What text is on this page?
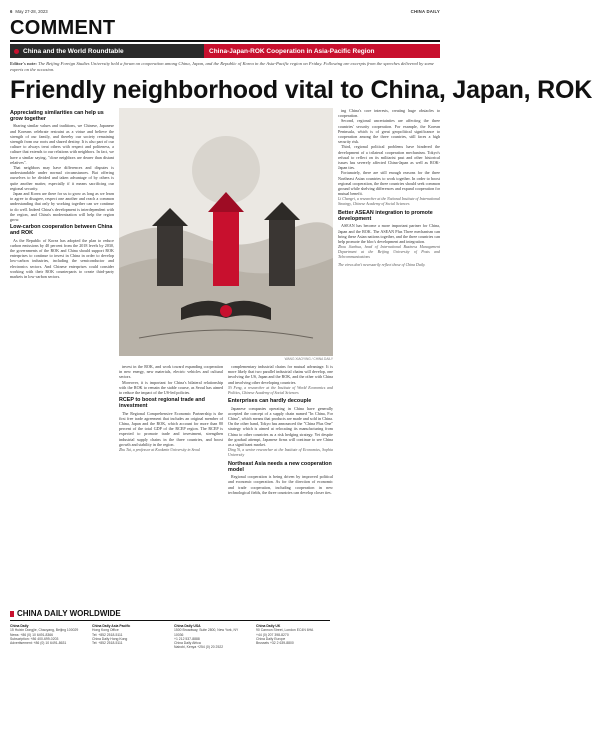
6 May 27-28, 2023	CHINA DAILY
COMMENT
China and the World Roundtable	China-Japan-ROK Cooperation in Asia-Pacific Region
Editor's note: The Beijing Foreign Studies University held a forum on cooperation among China, Japan, and the Republic of Korea in the Asia-Pacific region on Friday. Following are excerpts from the speeches delivered by some experts on the occasion.
Friendly neighborhood vital to China, Japan, ROK
Appreciating similarities can help us grow together

Sharing similar values and traditions, we Chinese, Japanese and Koreans celebrate restraint as a virtue and believe the strength of our family, and thereby our society remaining strength from our roots and shared destiny. It is also part of our culture to always treat others with respect and politeness, a culture that extends to our relations with neighbors. In fact, we have a similar saying, "close neighbors are dearer than distant relatives".

That neighbors may have differences and disputes is understandable under normal circumstances. But offering ourselves to be divided and taken advantage of by others is quite another matter, especially if it means sacrificing our regional security.

Japan and Korea are there for us to grow as long as we learn to agree to disagree, respect one another and reach a common understanding that only by working together can we continue to do well. Indeed China's development is interdependent with the region, and China's modernization will help the region grow.

Low-carbon cooperation between China and ROK

As the Republic of Korea has adopted the plan to reduce carbon emissions by 40 percent from the 2018 levels by 2030, the governments of the ROK and China should support ROK enterprises to continue to invest in China in order to develop low-carbon industries, including the semiconductor and electronics sectors. And Chinese enterprises could consider working with their ROK counterparts to create third-party markets in low-carbon sectors.

WANG XIAOYING / CHINA DAILY

invest in the ROK, and work toward expanding cooperation in new energy, new materials, electric vehicles and cultural sectors.

Moreover, it is important for China's bilateral relationship with the ROK to remain the stable course, as Seoul has aimed to reduce the impact of the US-led policies.

RCEP to boost regional trade and investment

The Regional Comprehensive Economic Partnership is the first free trade agreement that includes an original member of China, Japan and the ROK, which account for more than 80 percent of the total GDP of the RCEP region. The RCEP is expected to promote trade and investment, strengthen industrial supply chains in the three countries, and boost growth and stability in the region.

Zhu Tai, a professor at Kookmin University in Seoul

complementary industrial chains for mutual advantage. It is more likely that two parallel industrial chains will develop, one involving the US, Japan and the ROK, and the other with China and involving other developing countries.

Ni Feng, a researcher at the Institute of World Economics and Politics, Chinese Academy of Social Sciences
Enterprises can hardly decouple

Japanese companies operating in China have generally accepted the concept of a supply chain named "In China, For China", which means that products are made and sold in China. On the other hand, Tokyo has announced the "China Plus One" strategy which is aimed at relocating its manufacturing from China to other countries as a risk hedging strategy. Yet despite the gradual attempt, Japanese firms will continue to see China as a significant market.

Ding Yi, a senior researcher at the Institute of Economics, Sophia University
Northeast Asia needs a new cooperation model

Regional cooperation is being driven by improved political and economic cooperation. As for the direction of economic and trade cooperation, including cooperation in new technological fields, the three countries can develop closer ties.

ing China's core interests, creating huge obstacles to cooperation.

Second, regional uncertainties are affecting the three countries' security cooperation. For example, the Korean Peninsula, which is of great geopolitical significance to cooperation among the three countries, still faces a high security risk.

Third, regional political problems have hindered the development of a trilateral cooperation mechanism. Tokyo's refusal to reflect on its militarist past and other historical issues has severely affected China-Japan as well as ROK-Japan ties.

Fortunately, there are still enough reasons for the three Northeast Asian countries to work together. In order to boost regional cooperation, the three countries should seek common ground while shelving differences and expand cooperation for mutual benefit.

Li Chengri, a researcher at the National Institute of International Strategy, Chinese Academy of Social Sciences
Better ASEAN integration to promote development

ASEAN has become a more important partner for China, Japan and the ROK. The ASEAN Plus Three mechanism can bring these Asian nations together, and the three countries can help promote the bloc's development and integration.

Zhou Jianhua, head of International Business Management Department at the Beijing University of Posts and Telecommunications
The views don't necessarily reflect those of China Daily.
CHINA DAILY WORLDWIDE
China Daily
15 Huixin Dongjie, Chaoyang, Beijing 100029
News: +86 (0) 10 6491-8366
Subscription: +86 400-699-0203
Advertisement: +86 (0) 10 6491-8631
China Daily Asia Pacific
Hong Kong Office
Tel: +852 2518-5111
China Daily Hong Kong
Tel: +852 2518-5111
China Daily USA
1500 Broadway, Suite 2800, New York, NY 10036
+1 212 537-8888
China Daily Africa
Nairobi, Kenya +254 (0) 20 2522
China Daily UK
90 Cannon Street, London EC4N 6HA
+44 (0) 207 398-8270
China Daily Europe
Brussels +32 2 639-8800
